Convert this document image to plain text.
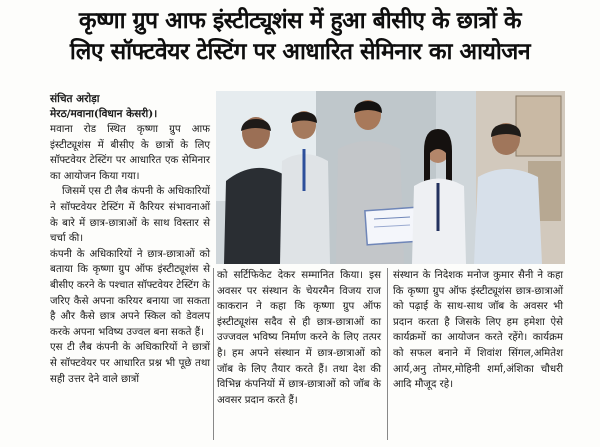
कृष्णा ग्रुप आफ इंस्टीट्यूशंस में हुआ बीसीए के छात्रों के
लिए सॉफ्टवेयर टेस्टिंग पर आधारित सेमिनार का आयोजन

संचित अरोड़ा

मेरठ/मवाना(विधान केसरी)।

मवाना रोड स्थित कृष्णा ग्रुप आफ इंस्टीट्यूशंस में बीसीए के छात्रों के लिए सॉफ्टवेयर टेस्टिंग पर आधारित एक सेमिनार का आयोजन किया गया।

जिसमें एस टी लैब कंपनी के अधिकारियों ने सॉफ्टवेयर टेस्टिंग में कैरियर संभावनाओं के बारे में छात्र-छात्राओं के साथ विस्तार से चर्चा की।

कंपनी के अधिकारियों ने छात्र-छात्राओं को बताया कि कृष्णा ग्रुप ऑफ इंस्टीट्यूशंस से बीसीए करने के पश्चात सॉफ्टवेयर टेस्टिंग के जरिए कैसे अपना करियर बनाया जा सकता है और कैसे छात्र अपने स्किल को डेवलप करके अपना भविष्य उज्वल बना सकते हैं।

एस टी लैब कंपनी के अधिकारियों ने छात्रों से सॉफ्टवेयर पर आधारित प्रश्न भी पूछे तथा सही उत्तर देने वाले छात्रों

को सर्टिफिकेट देकर सम्मानित किया। इस अवसर पर संस्थान के चेयरमैन विजय राज काकरान ने कहा कि कृष्णा ग्रुप ऑफ इंस्टीट्यूशंस सदैव से ही छात्र-छात्राओं का उज्जवल भविष्य निर्माण करने के लिए तत्पर है। हम अपने संस्थान में छात्र-छात्राओं को जॉब के लिए तैयार करते हैं। तथा देश की विभिन्न कंपनियों में छात्र-छात्राओं को जॉब के अवसर प्रदान करते हैं।

संस्थान के निदेशक मनोज कुमार सैनी ने कहा कि कृष्णा ग्रुप ऑफ इंस्टीट्यूशंस छात्र-छात्राओं को पढ़ाई के साथ-साथ जॉब के अवसर भी प्रदान करता है जिसके लिए हम हमेशा ऐसे कार्यक्रमों का आयोजन करते रहेंगे। कार्यक्रम को सफल बनाने में शिवांश सिंगल,अमितेश आर्य,अनु तोमर,मोहिनी शर्मा,अंशिका चौधरी आदि मौजूद रहे।
